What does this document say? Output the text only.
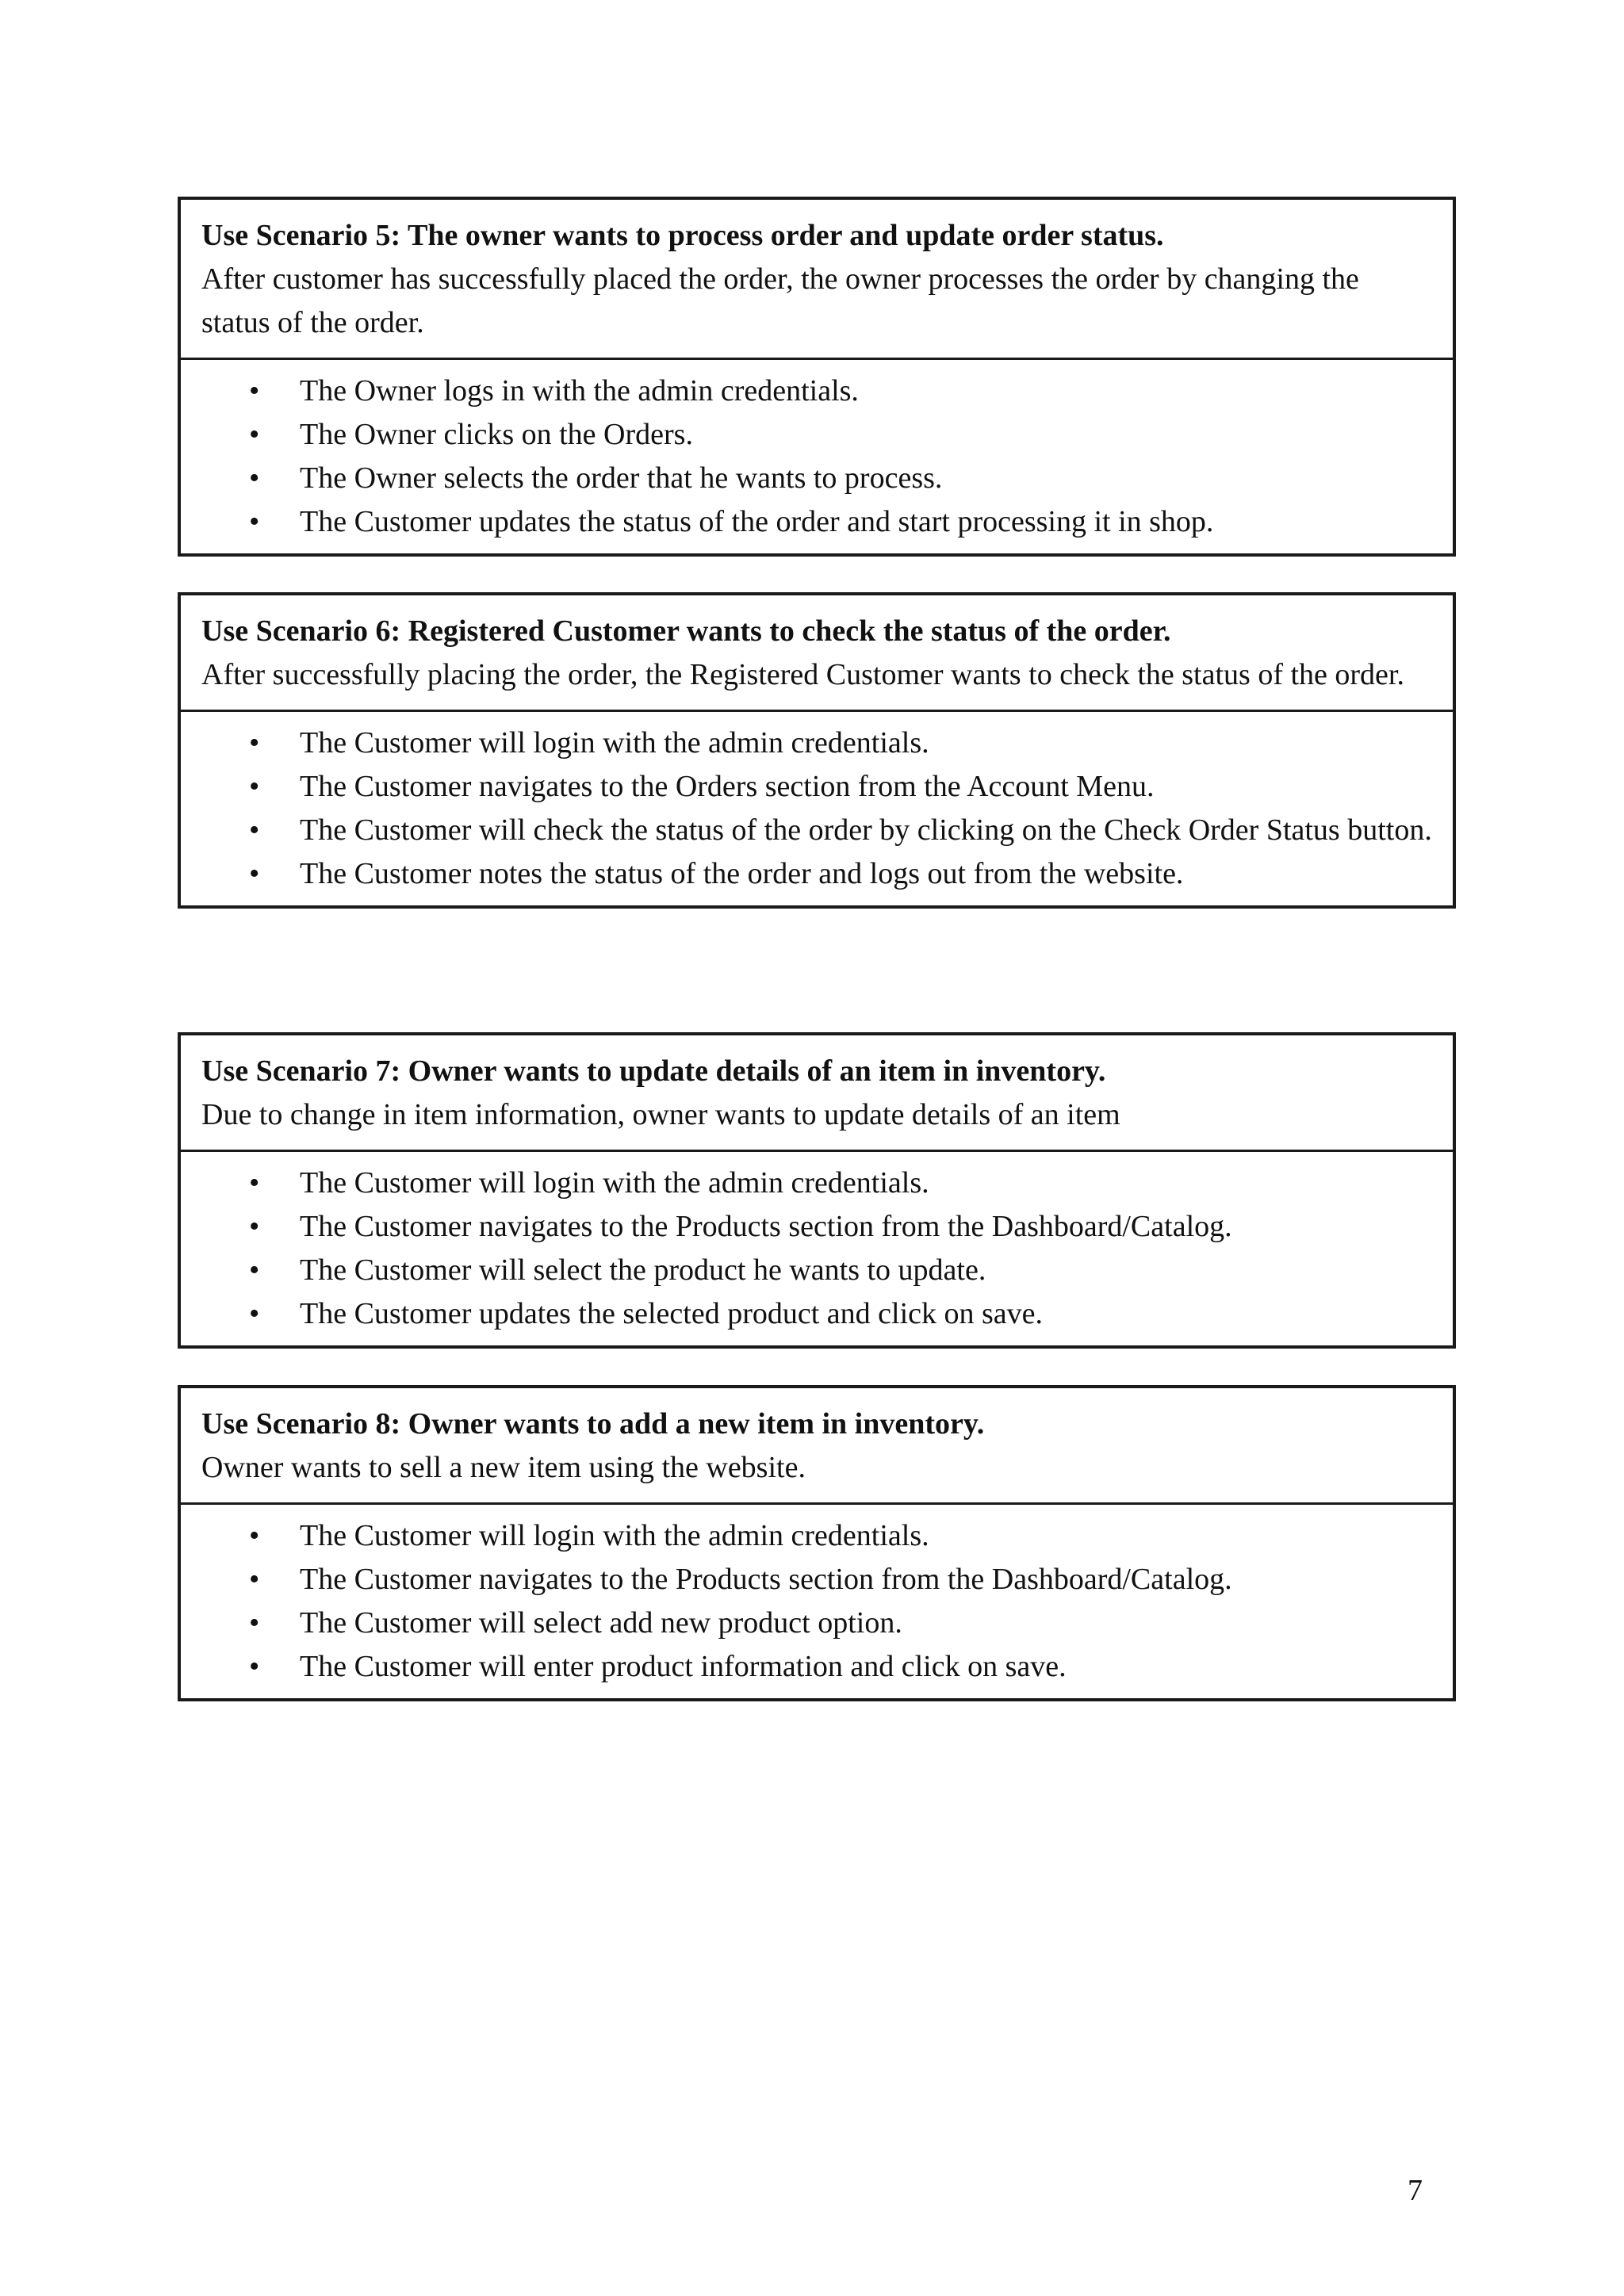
Use Scenario 5: The owner wants to process order and update order status.
After customer has successfully placed the order, the owner processes the order by changing the status of the order.
• The Owner logs in with the admin credentials.
• The Owner clicks on the Orders.
• The Owner selects the order that he wants to process.
• The Customer updates the status of the order and start processing it in shop.
Use Scenario 6: Registered Customer wants to check the status of the order.
After successfully placing the order, the Registered Customer wants to check the status of the order.
• The Customer will login with the admin credentials.
• The Customer navigates to the Orders section from the Account Menu.
• The Customer will check the status of the order by clicking on the Check Order Status button.
• The Customer notes the status of the order and logs out from the website.
Use Scenario 7: Owner wants to update details of an item in inventory.
Due to change in item information, owner wants to update details of an item
• The Customer will login with the admin credentials.
• The Customer navigates to the Products section from the Dashboard/Catalog.
• The Customer will select the product he wants to update.
• The Customer updates the selected product and click on save.
Use Scenario 8: Owner wants to add a new item in inventory.
Owner wants to sell a new item using the website.
• The Customer will login with the admin credentials.
• The Customer navigates to the Products section from the Dashboard/Catalog.
• The Customer will select add new product option.
• The Customer will enter product information and click on save.
7
